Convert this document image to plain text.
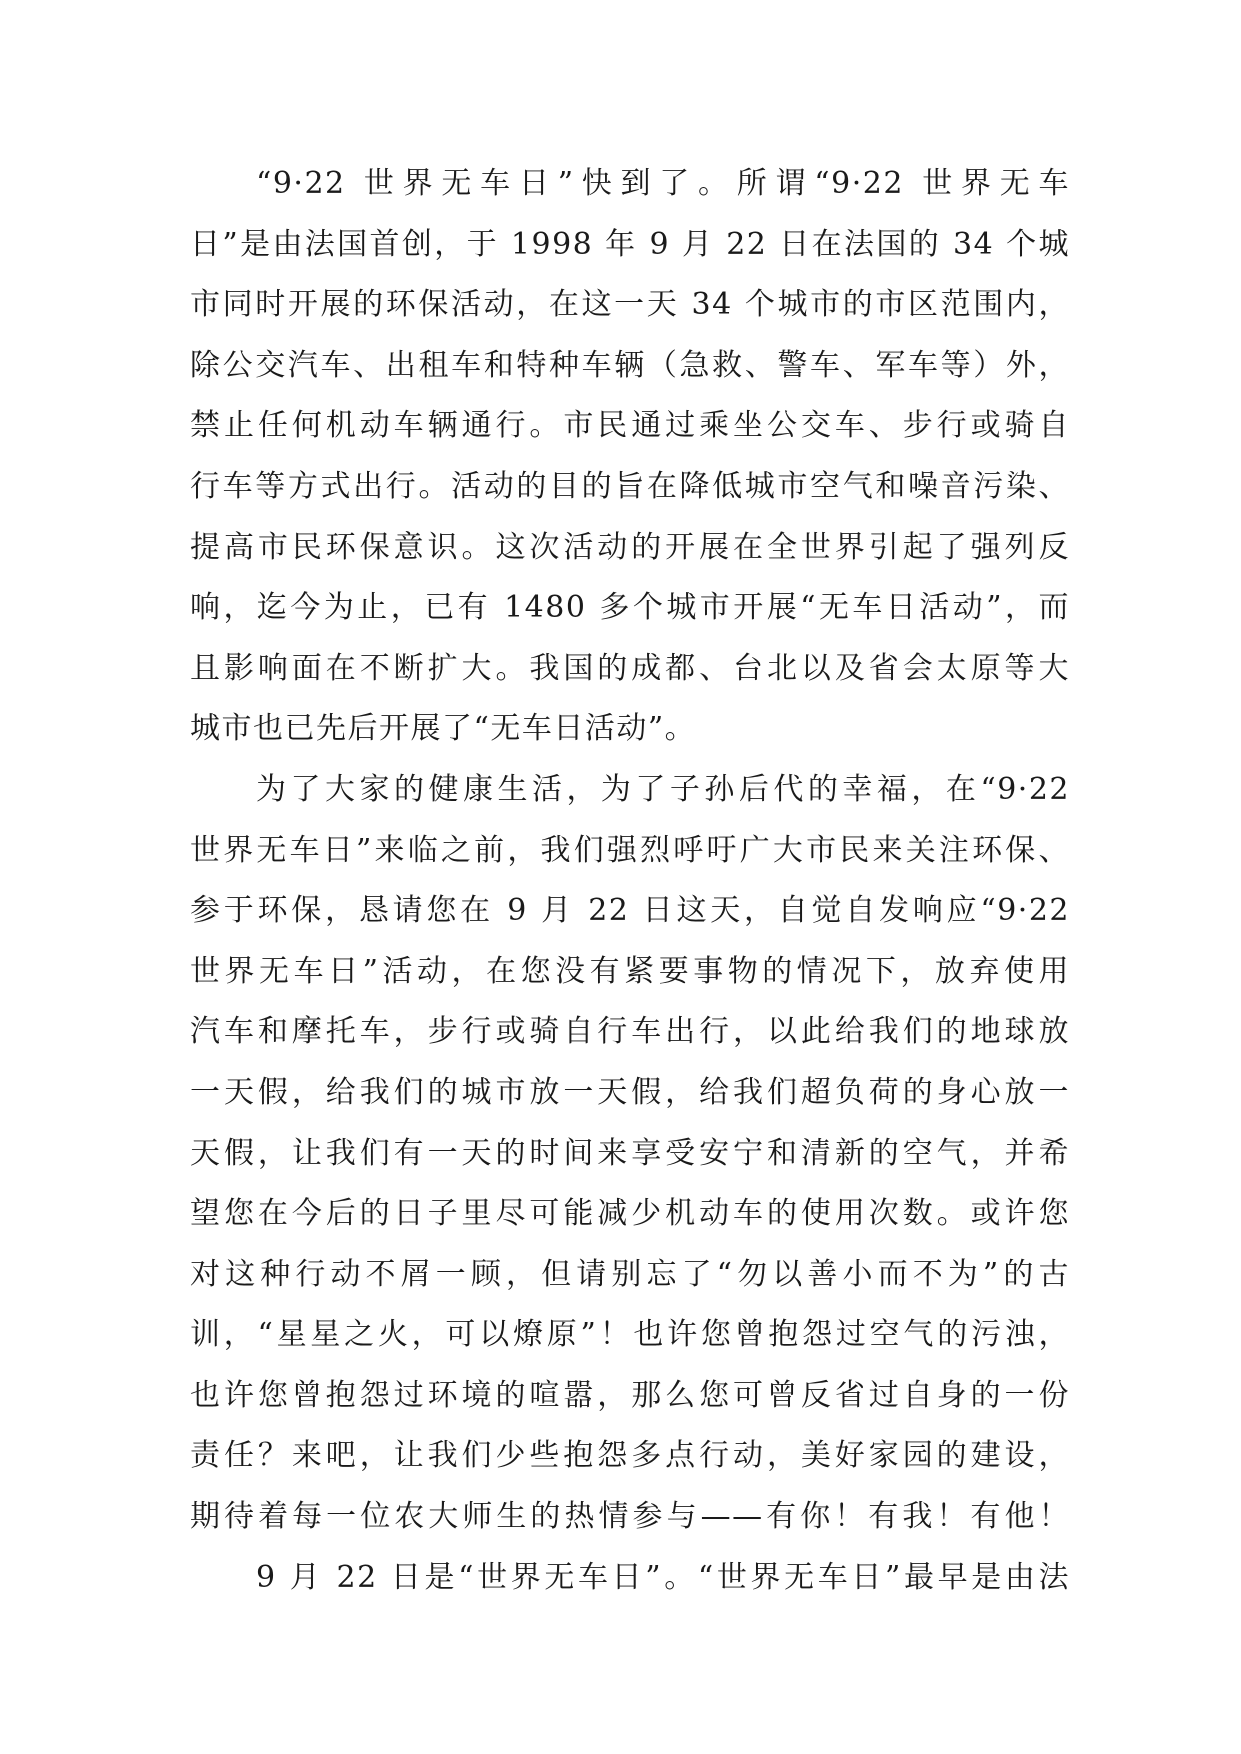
“9·22 世界无车日”快到了。所谓“9·22 世界无车
日”是由法国首创，于 1998 年 9 月 22 日在法国的 34 个城
市同时开展的环保活动，在这一天 34 个城市的市区范围内，
除公交汽车、出租车和特种车辆（急救、警车、军车等）外，
禁止任何机动车辆通行。市民通过乘坐公交车、步行或骑自
行车等方式出行。活动的目的旨在降低城市空气和噪音污染、
提高市民环保意识。这次活动的开展在全世界引起了强列反
响，迄今为止，已有 1480 多个城市开展“无车日活动”，而
且影响面在不断扩大。我国的成都、台北以及省会太原等大
城市也已先后开展了“无车日活动”。
为了大家的健康生活，为了子孙后代的幸福，在“9·22
世界无车日”来临之前，我们强烈呼吁广大市民来关注环保、
参于环保，恳请您在 9 月 22 日这天，自觉自发响应“9·22
世界无车日”活动，在您没有紧要事物的情况下，放弃使用
汽车和摩托车，步行或骑自行车出行，以此给我们的地球放
一天假，给我们的城市放一天假，给我们超负荷的身心放一
天假，让我们有一天的时间来享受安宁和清新的空气，并希
望您在今后的日子里尽可能减少机动车的使用次数。或许您
对这种行动不屑一顾，但请别忘了“勿以善小而不为”的古
训，“星星之火，可以燎原”！也许您曾抱怨过空气的污浊，
也许您曾抱怨过环境的喧嚣，那么您可曾反省过自身的一份
责任？来吧，让我们少些抱怨多点行动，美好家园的建设，
期待着每一位农大师生的热情参与——有你！有我！有他！
9 月 22 日是“世界无车日”。“世界无车日”最早是由法
